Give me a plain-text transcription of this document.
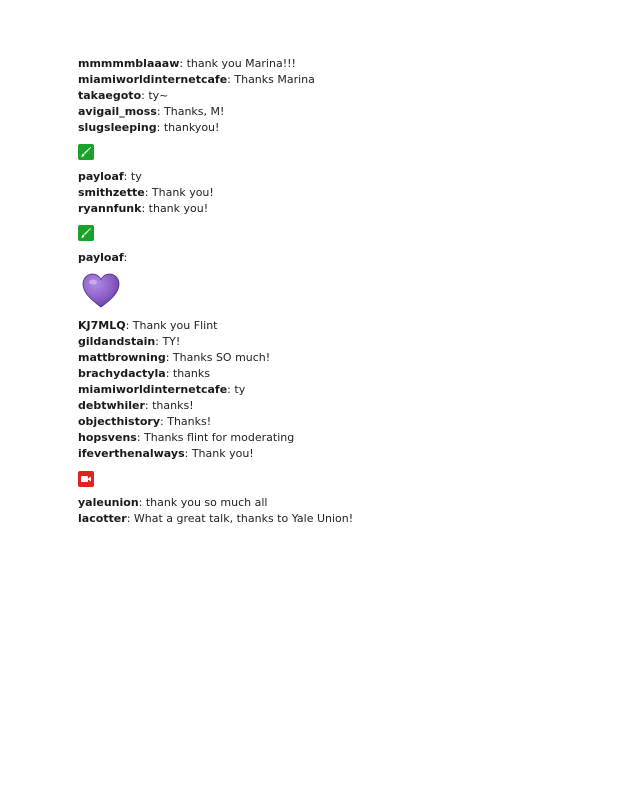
mmmmmblaaaw: thank you Marina!!!
miamiworldinternetcafe: Thanks Marina
takaegoto: ty~
avigail_moss: Thanks, M!
slugsleeping: thankyou!
payloaf: ty
smithzette: Thank you!
ryannfunk: thank you!
payloaf:
KJ7MLQ: Thank you Flint
gildandstain: TY!
mattbrowning: Thanks SO much!
brachydactyla: thanks
miamiworldinternetcafe: ty
debtwhiler: thanks!
objecthistory: Thanks!
hopsvens: Thanks flint for moderating
ifeverthenalways: Thank you!
yaleunion: thank you so much all
lacotter: What a great talk, thanks to Yale Union!
